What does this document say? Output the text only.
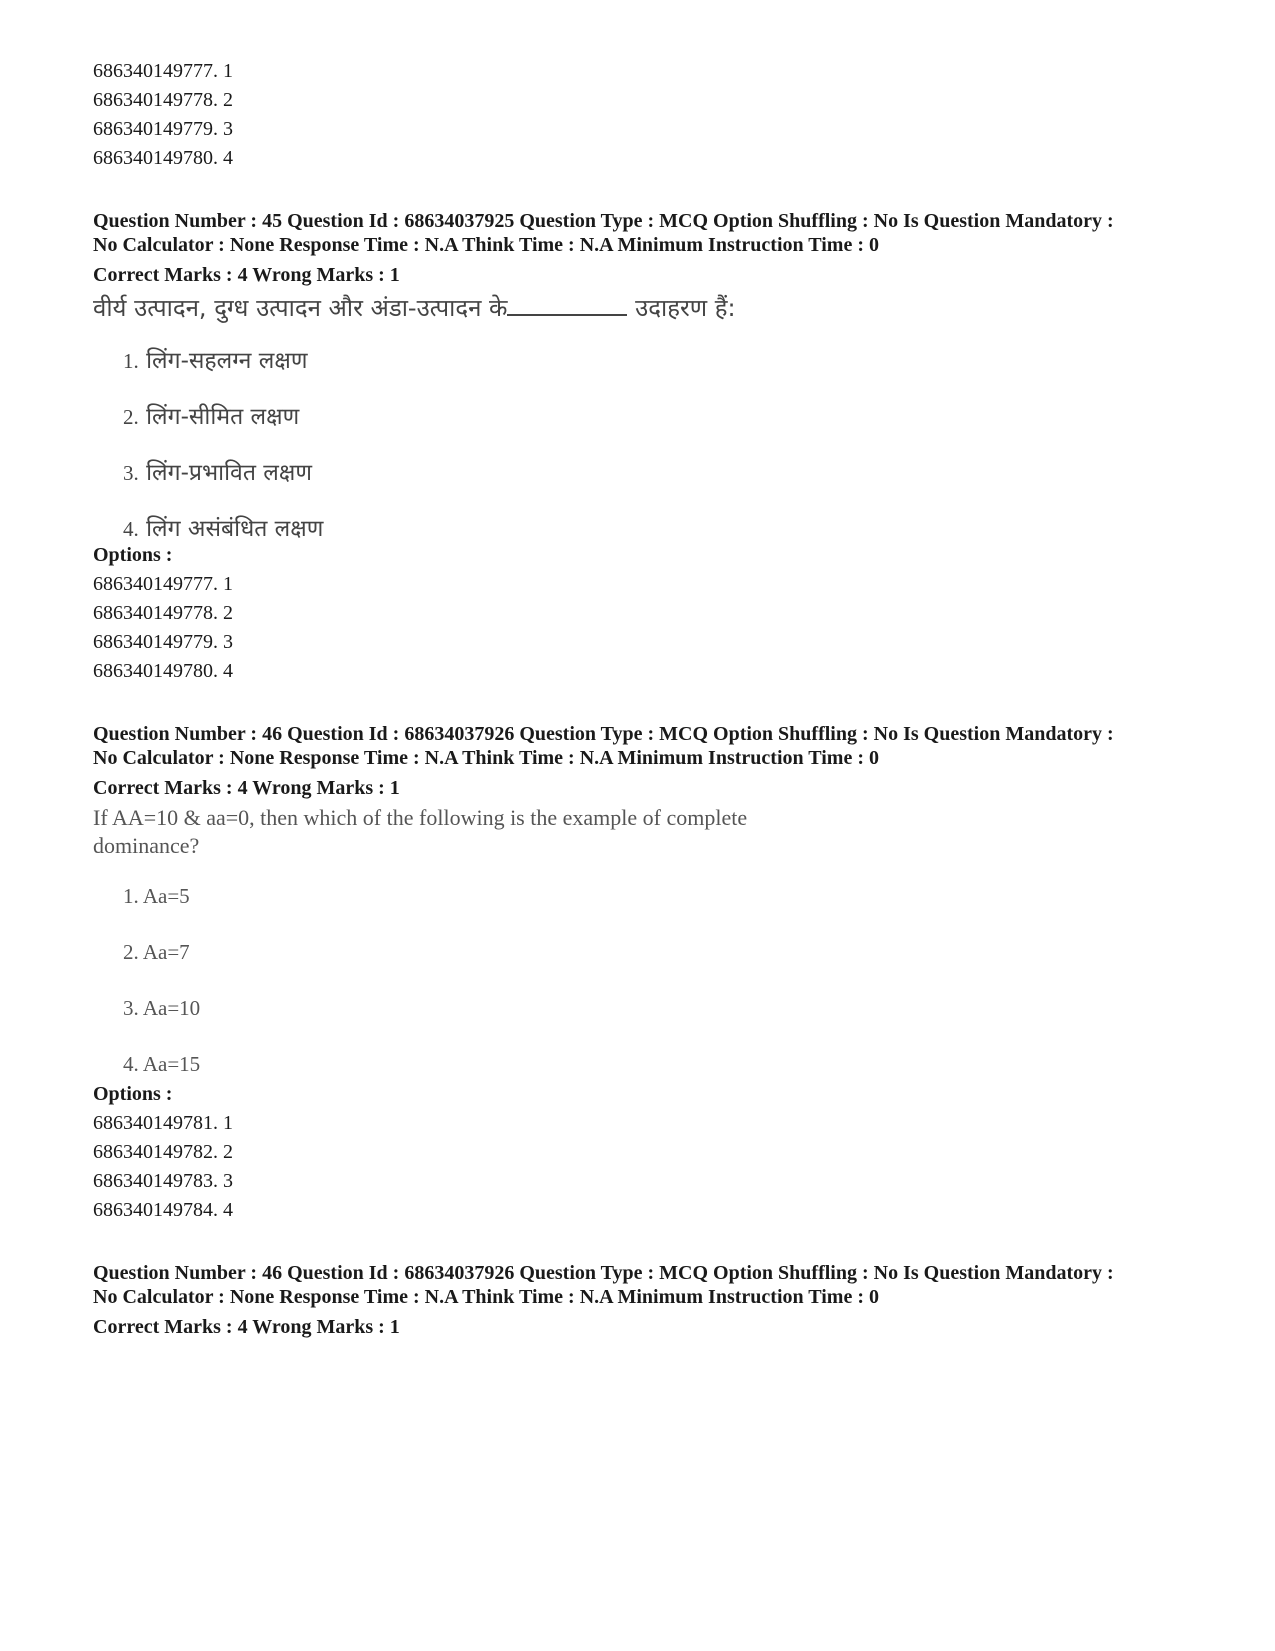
686340149777. 1
686340149778. 2
686340149779. 3
686340149780. 4

Question Number : 45 Question Id : 68634037925 Question Type : MCQ Option Shuffling : No Is Question Mandatory :

No Calculator : None Response Time : N.A Think Time : N.A Minimum Instruction Time : 0

Correct Marks : 4 Wrong Marks : 1
वीर्य उत्पादन, दुग्ध उत्पादन और अंडा-उत्पादन के	उदाहरण हैं:
1. लिंग-सहलग्न लक्षण
2. लिंग-सीमित लक्षण
3. लिंग-प्रभावित लक्षण
4. लिंग असंबंधित लक्षण
Options :
686340149777. 1
686340149778. 2
686340149779. 3
686340149780. 4

Question Number : 46 Question Id : 68634037926 Question Type : MCQ Option Shuffling : No Is Question Mandatory :

No Calculator : None Response Time : N.A Think Time : N.A Minimum Instruction Time : 0

Correct Marks : 4 Wrong Marks : 1
If AA=10 & aa=0, then which of the following is the example of complete
dominance?
1. Aa=5
2. Aa=7
3. Aa=10
4. Aa=15
Options :
686340149781. 1
686340149782. 2
686340149783. 3
686340149784. 4

Question Number : 46 Question Id : 68634037926 Question Type : MCQ Option Shuffling : No Is Question Mandatory :

No Calculator : None Response Time : N.A Think Time : N.A Minimum Instruction Time : 0

Correct Marks : 4 Wrong Marks : 1
